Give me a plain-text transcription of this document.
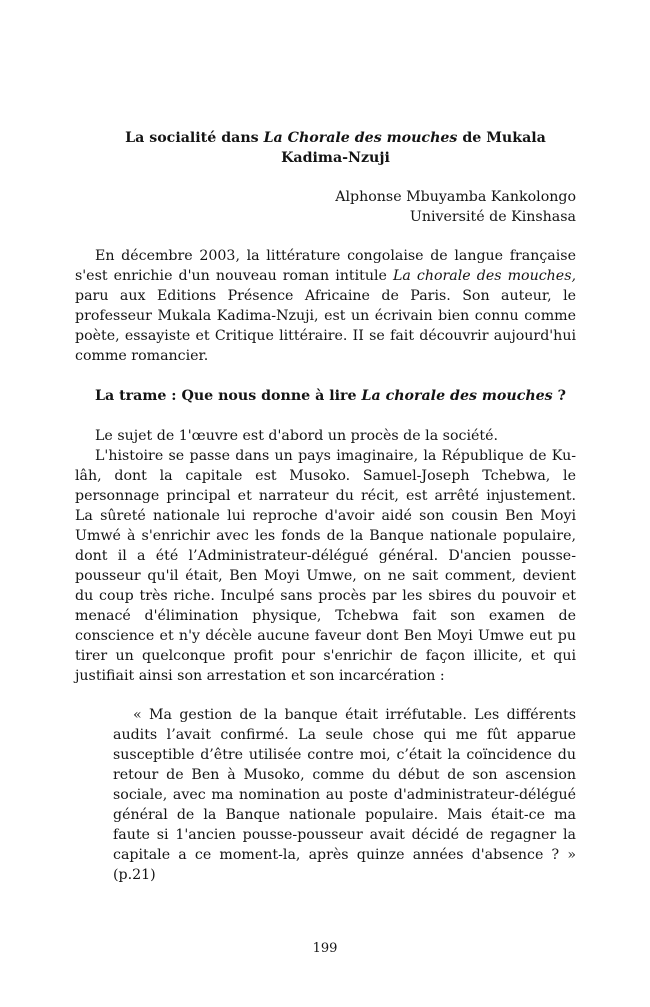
La socialité dans La Chorale des mouches de Mukala Kadima-Nzuji

Alphonse Mbuyamba Kankolongo
Université de Kinshasa

En décembre 2003, la littérature congolaise de langue française s'est enrichie d'un nouveau roman intitule La chorale des mouches, paru aux Editions Présence Africaine de Paris. Son auteur, le professeur Mukala Kadima-Nzuji, est un écrivain bien connu comme poète, essayiste et Critique littéraire. II se fait découvrir aujourd'hui comme romancier.

La trame : Que nous donne à lire La chorale des mouches ?

Le sujet de 1'œuvre est d'abord un procès de la société.

L'histoire se passe dans un pays imaginaire, la République de Ku-lâh, dont la capitale est Musoko. Samuel-Joseph Tchebwa, le personnage principal et narrateur du récit, est arrêté injustement. La sûreté nationale lui reproche d'avoir aidé son cousin Ben Moyi Umwé à s'enrichir avec les fonds de la Banque nationale populaire, dont il a été l’Administrateur-délégué général. D'ancien pousse-pousseur qu'il était, Ben Moyi Umwe, on ne sait comment, devient du coup très riche. Inculpé sans procès par les sbires du pouvoir et menacé d'élimination physique, Tchebwa fait son examen de conscience et n'y décèle aucune faveur dont Ben Moyi Umwe eut pu tirer un quelconque profit pour s'enrichir de façon illicite, et qui justifiait ainsi son arrestation et son incarcération :

« Ma gestion de la banque était irréfutable. Les différents audits l’avait confirmé. La seule chose qui me fût apparue susceptible d’être utilisée contre moi, c’était la coïncidence du retour de Ben à Musoko, comme du début de son ascension sociale, avec ma nomination au poste d'administrateur-délégué général de la Banque nationale populaire. Mais était-ce ma faute si 1'ancien pousse-pousseur avait décidé de regagner la capitale a ce moment-la, après quinze années d'absence ? » (p.21)

199
